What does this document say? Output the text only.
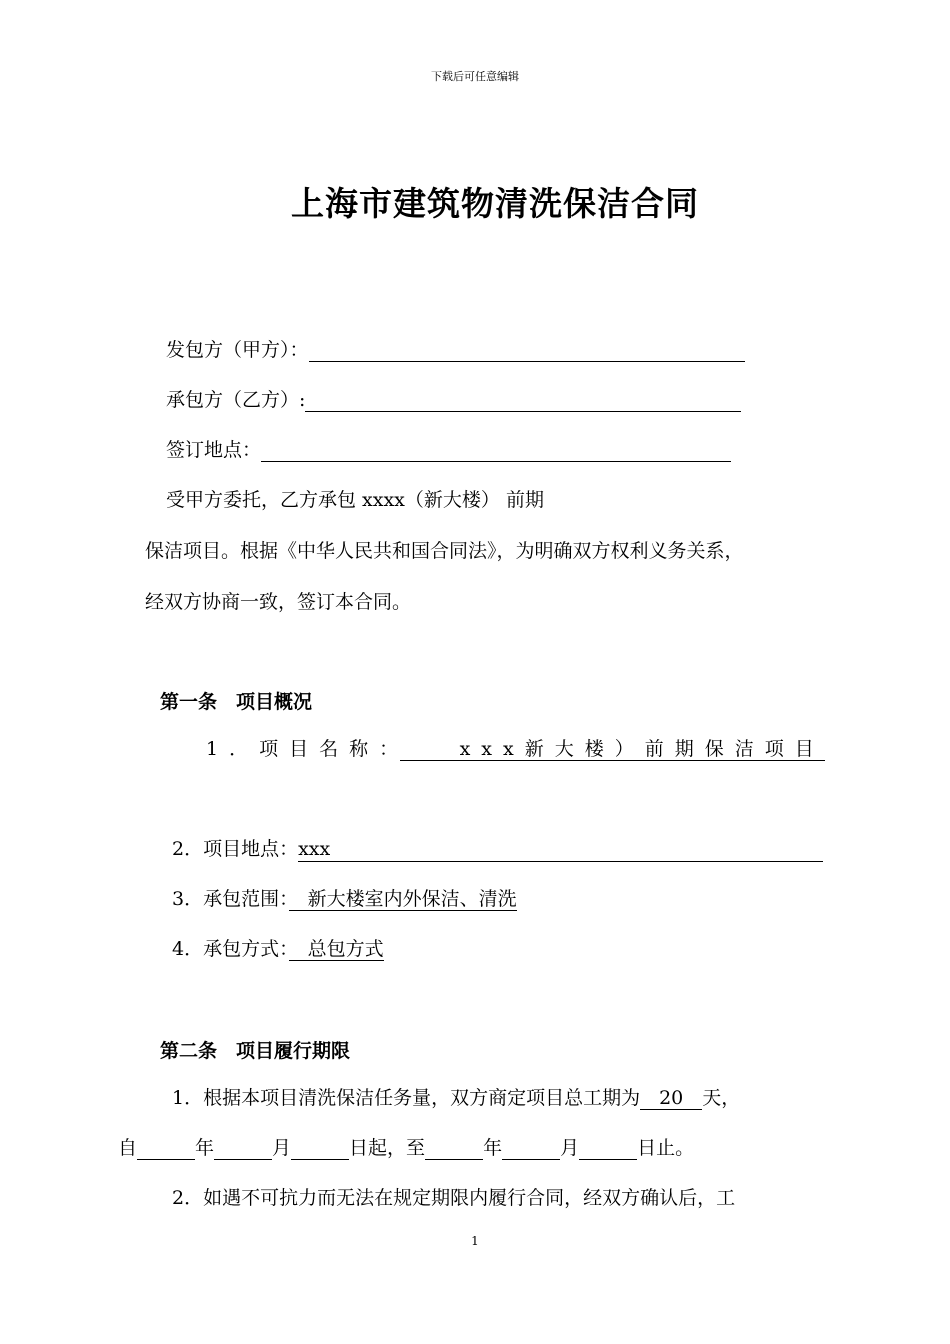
下载后可任意编辑
上海市建筑物清洗保洁合同
发包方（甲方）：
承包方（乙方）:
签订地点：
受甲方委托，乙方承包 xxxx（新大楼） 前期
保洁项目。根据《中华人民共和国合同法》，为明确双方权利义务关系，
经双方协商一致，签订本合同。
第一条　项目概况
1．项目名称：　　xxx新大楼）前期保洁项目
2．项目地点：xxx
3．承包范围：　新大楼室内外保洁、清洗
4．承包方式：　总包方式
第二条　项目履行期限
1．根据本项目清洗保洁任务量，双方商定项目总工期为　20　天，
自	年	月	日起，至	年	月	日止。
2．如遇不可抗力而无法在规定期限内履行合同，经双方确认后，工
1
